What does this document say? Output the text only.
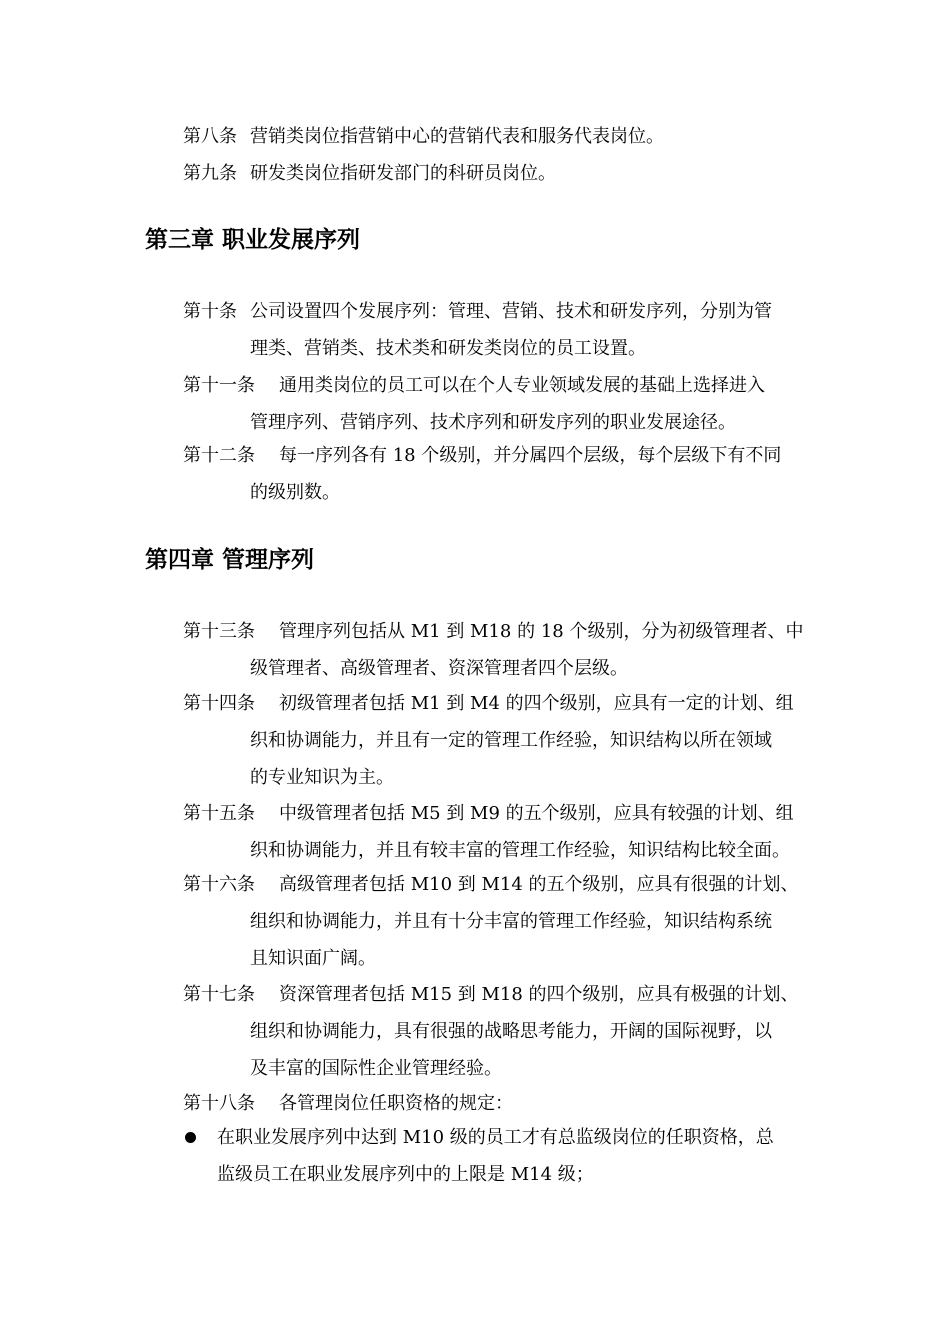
第八条 营销类岗位指营销中心的营销代表和服务代表岗位。
第九条 研发类岗位指研发部门的科研员岗位。
第三章 职业发展序列
第十条 公司设置四个发展序列：管理、营销、技术和研发序列，分别为管
理类、营销类、技术类和研发类岗位的员工设置。
第十一条 通用类岗位的员工可以在个人专业领域发展的基础上选择进入
管理序列、营销序列、技术序列和研发序列的职业发展途径。
第十二条 每一序列各有 18 个级别，并分属四个层级，每个层级下有不同
的级别数。
第四章 管理序列
第十三条 管理序列包括从 M1 到 M18 的 18 个级别，分为初级管理者、中
级管理者、高级管理者、资深管理者四个层级。
第十四条 初级管理者包括 M1 到 M4 的四个级别，应具有一定的计划、组
织和协调能力，并且有一定的管理工作经验，知识结构以所在领域
的专业知识为主。
第十五条 中级管理者包括 M5 到 M9 的五个级别，应具有较强的计划、组
织和协调能力，并且有较丰富的管理工作经验，知识结构比较全面。
第十六条 高级管理者包括 M10 到 M14 的五个级别，应具有很强的计划、
组织和协调能力，并且有十分丰富的管理工作经验，知识结构系统
且知识面广阔。
第十七条 资深管理者包括 M15 到 M18 的四个级别，应具有极强的计划、
组织和协调能力，具有很强的战略思考能力，开阔的国际视野，以
及丰富的国际性企业管理经验。
第十八条 各管理岗位任职资格的规定：
在职业发展序列中达到 M10 级的员工才有总监级岗位的任职资格，总
监级员工在职业发展序列中的上限是 M14 级；
